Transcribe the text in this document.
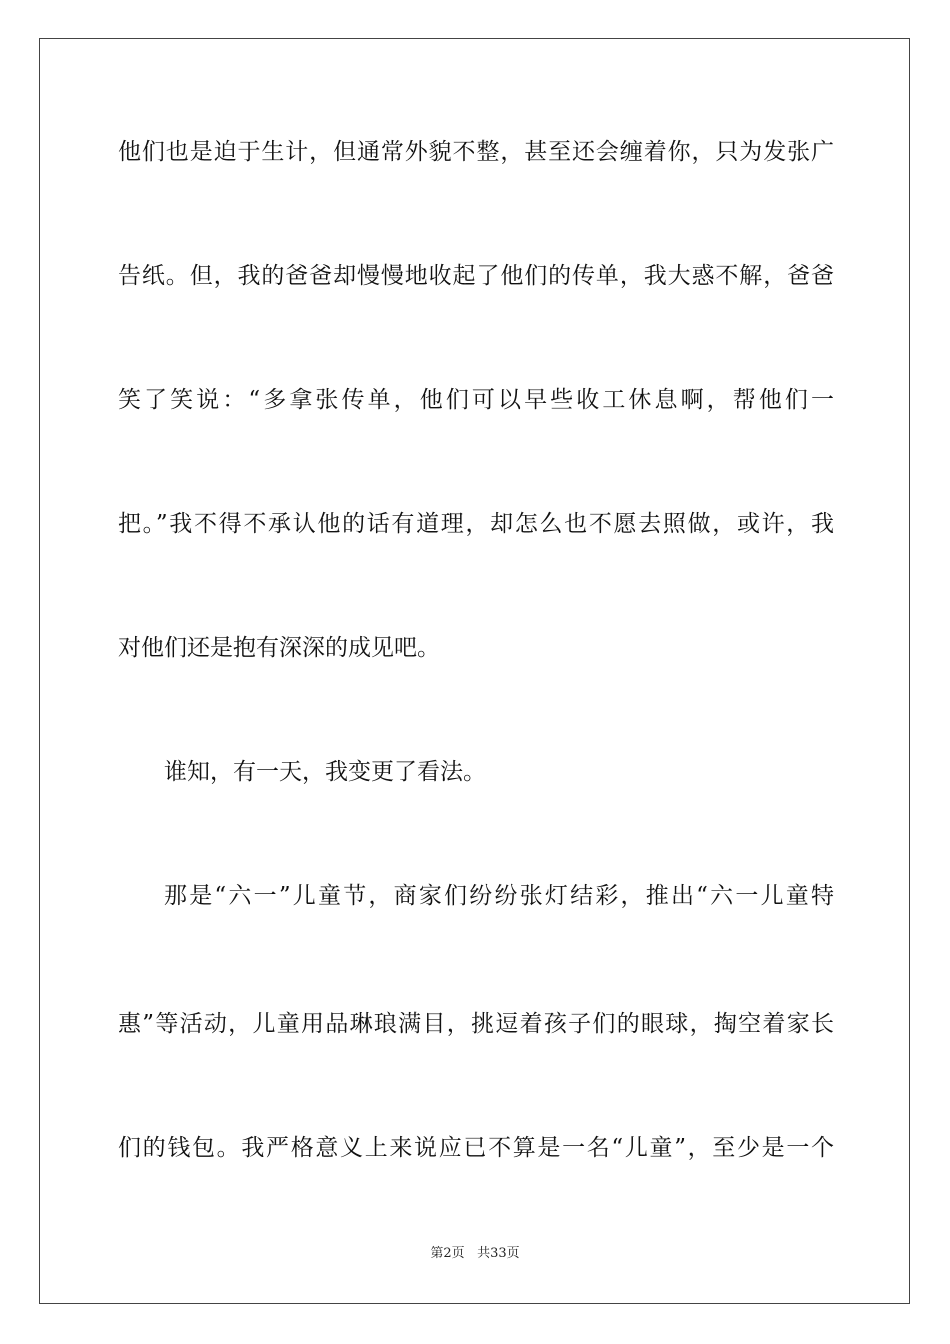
他们也是迫于生计，但通常外貌不整，甚至还会缠着你，只为发张广
告纸。但，我的爸爸却慢慢地收起了他们的传单，我大惑不解，爸爸
笑了笑说：“多拿张传单，他们可以早些收工休息啊，帮他们一
把。”我不得不承认他的话有道理，却怎么也不愿去照做，或许，我
对他们还是抱有深深的成见吧。
谁知，有一天，我变更了看法。
那是“六一”儿童节，商家们纷纷张灯结彩，推出“六一儿童特
惠”等活动，儿童用品琳琅满目，挑逗着孩子们的眼球，掏空着家长
们的钱包。我严格意义上来说应已不算是一名“儿童”，至少是一个
第2页 共33页
